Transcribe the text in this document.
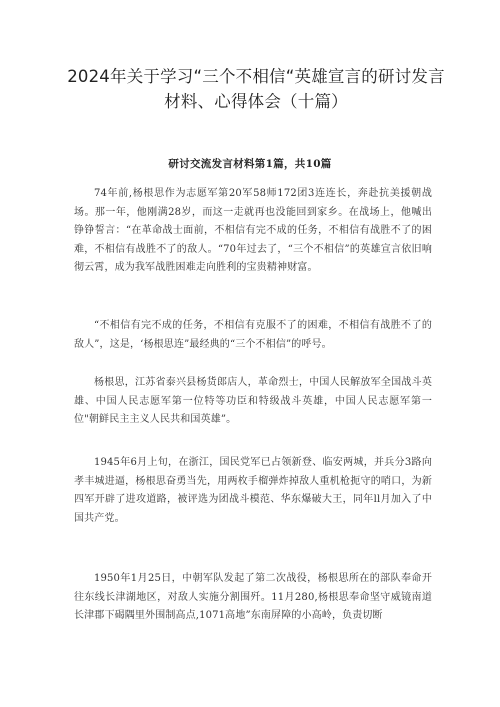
2024年关于学习“三个不相信“英雄宣言的研讨发言材料、心得体会（十篇）
研讨交流发言材料第1篇，共10篇

74年前,杨根思作为志愿军第20军58师172团3连连长，奔赴抗美援朝战场。那一年，他刚满28岁，而这一走就再也没能回到家乡。在战场上，他喊出铮铮誓言：“在革命战士面前，不相信有完不成的任务，不相信有战胜不了的困难，不相信有战胜不了的敌人。“70年过去了，“三个不相信”的英雄宣言依旧响彻云霄，成为我军战胜困难走向胜利的宝贵精神财富。

“不相信有完不成的任务，不相信有克服不了的困难，不相信有战胜不了的敌人”，这是，‘杨根思连”最经典的“三个不相信”的呼号。

杨根思，江苏省泰兴县杨货郎店人，革命烈士，中国人民解放军全国战斗英雄、中国人民志愿军第一位特等功臣和特级战斗英雄，中国人民志愿军第一位"朝鲜民主主义人民共和国英雄”。

1945年6月上旬，在浙江，国民党军已占领新登、临安两城，并兵分3路向孝丰城进逼，杨根思奋勇当先，用两枚手榴弹炸掉敌人重机枪扼守的哨口，为新四军开辟了进攻道路，被评选为团战斗模范、华东爆破大王，同年ll月加入了中国共产党。

1950年1月25日，中朝军队发起了第二次战役，杨根思所在的部队奉命开往东线长津湖地区，对敌人实施分割围歼。11月280,杨根思奉命坚守威镜南道长津郡下碣隅里外围制高点,1071高地”东南屏障的小高岭，负责切断
